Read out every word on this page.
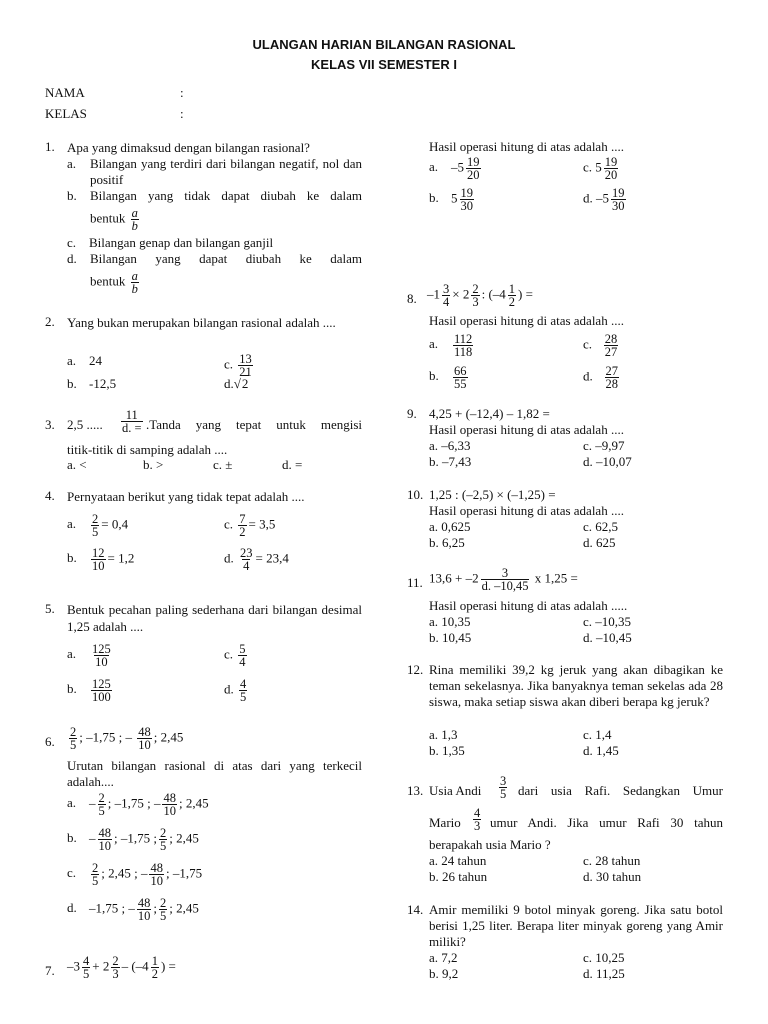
ULANGAN HARIAN BILANGAN RASIONAL
KELAS VII SEMESTER I
NAMA	:
KELAS	:
1. Apa yang dimaksud dengan bilangan rasional?
a. Bilangan yang terdiri dari bilangan negatif, nol dan positif
b. Bilangan yang tidak dapat diubah ke dalam
bentuk $\frac{a}{b}$
c. Bilangan genap dan bilangan ganjil
d. Bilangan yang dapat diubah ke dalam
bentuk $\frac{a}{b}$
2. Yang bukan merupakan bilangan rasional adalah ....
a. 24
b. -12,5
c. $\frac{13}{21}$
d.√2
3. 2,5 ..... $\frac{11}{d. =}$ .Tanda yang tepat untuk mengisi
titik-titik di samping adalah ....
a. <	b. >	c. ±	d. =
4. Pernyataan berikut yang tidak tepat adalah ....
a. $\frac{2}{5} = 0,4$
b. $\frac{12}{10} = 1,2$
c. $\frac{7}{2} = 3,5$
d. $\frac{23}{4} = 23,4$
5. Bentuk pecahan paling sederhana dari bilangan desimal 1,25 adalah ....
a. $\frac{125}{10}$
b. $\frac{125}{100}$
c. $\frac{5}{4}$
d. $\frac{4}{5}$
6. $\frac{2}{5}$ ; –1,75 ; – $\frac{48}{10}$ ; 2,45
Urutan bilangan rasional di atas dari yang terkecil adalah....
a. – $\frac{2}{5}$ ; –1,75 ; – $\frac{48}{10}$ ; 2,45
b. – $\frac{48}{10}$ ; –1,75 ; $\frac{2}{5}$ ; 2,45
c. $\frac{2}{5}$ ; 2,45 ; – $\frac{48}{10}$ ; –1,75
d. –1,75 ; – $\frac{48}{10}$ ; $\frac{2}{5}$ ; 2,45
7. $-3 \frac{4}{5} + 2 \frac{2}{3} - (-4 \frac{1}{2}$ ) =
Hasil operasi hitung di atas adalah ....
a. $-5 \frac{19}{20}$
b. $5 \frac{19}{30}$
c. $5 \frac{19}{20}$
d. $-5 \frac{19}{30}$
8. $-1 \frac{3}{4} \times 2 \frac{2}{3}$ : ($-4 \frac{1}{2}$ ) =
Hasil operasi hitung di atas adalah ....
a. $\frac{112}{118}$
b. $\frac{66}{55}$
c. $\frac{28}{27}$
d. $\frac{27}{28}$
9. 4,25 + (–12,4) – 1,82 =
Hasil operasi hitung di atas adalah ....
a. –6,33
b. –7,43
c. –9,97
d. –10,07
10. 1,25 : (–2,5) × (–1,25) =
Hasil operasi hitung di atas adalah ....
a. 0,625
b. 6,25
c. 62,5
d. 625
11. $13,6 + -2 \frac{3}{d. -10,45}$ x 1,25 =
Hasil operasi hitung di atas adalah .....
a. 10,35
b. 10,45
c. –10,35
d. –10,45
12. Rina memiliki 39,2 kg jeruk yang akan dibagikan ke teman sekelasnya. Jika banyaknya teman sekelas ada 28 siswa, maka setiap siswa akan diberi berapa kg jeruk?
a. 1,3
b. 1,35
c. 1,4
d. 1,45
13. Usia Andi $\frac{3}{5}$ dari usia Rafi. Sedangkan Umur
Mario $\frac{4}{3}$ umur Andi. Jika umur Rafi 30 tahun
berapakah usia Mario ?
a. 24 tahun
b. 26 tahun
c. 28 tahun
d. 30 tahun
14. Amir memiliki 9 botol minyak goreng. Jika satu botol berisi 1,25 liter. Berapa liter minyak goreng yang Amir miliki?
a. 7,2
b. 9,2
c. 10,25
d. 11,25
